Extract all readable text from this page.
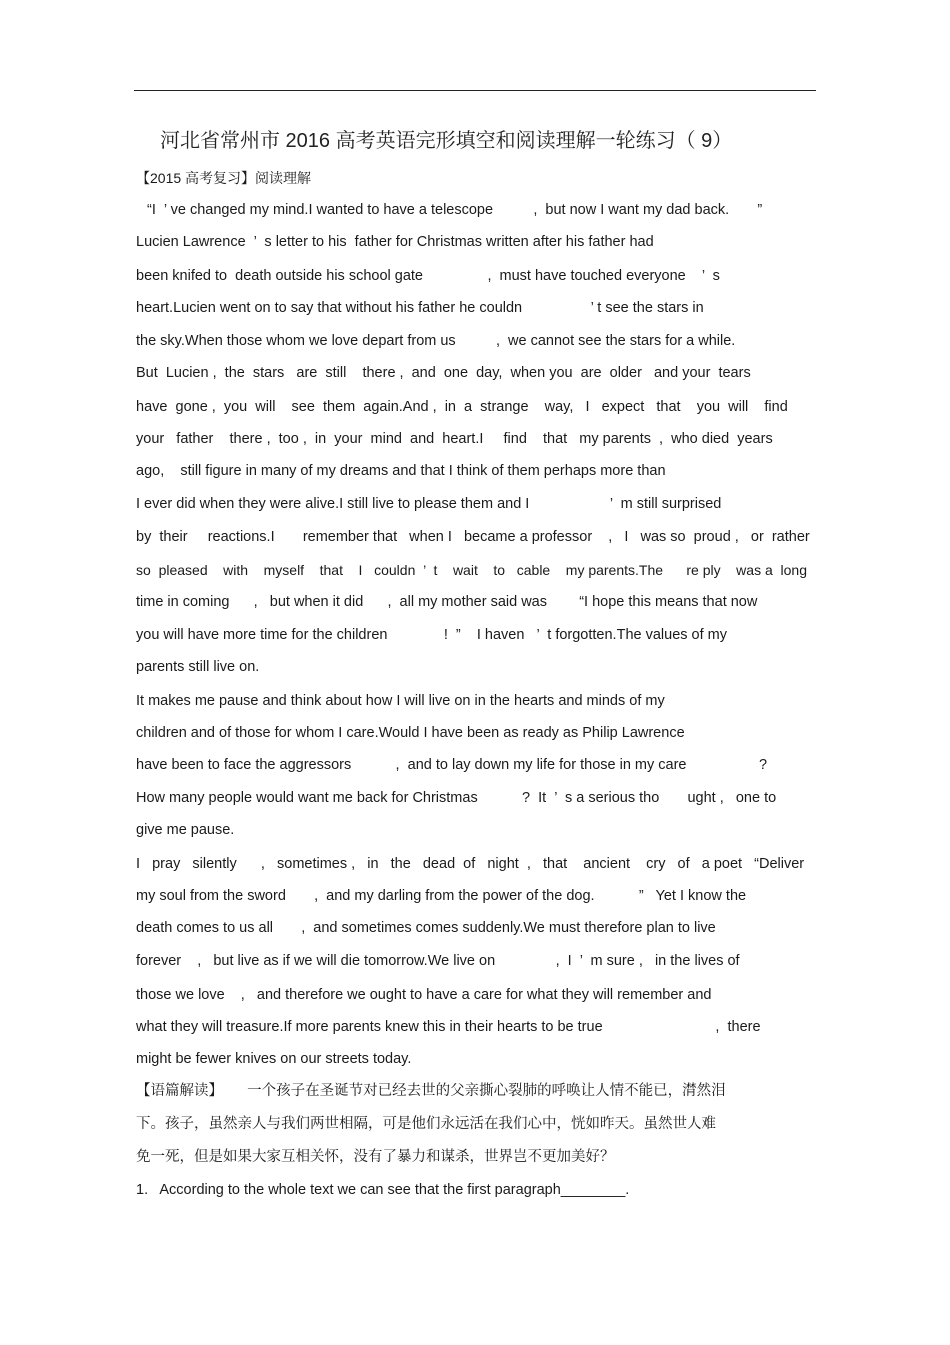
河北省常州市 2016 高考英语完形填空和阅读理解一轮练习（ 9）
【2015 高考复习】阅读理解
“I  ’ ve changed my mind.I wanted to have a telescope          ,  but now I want my dad back.       ”
Lucien Lawrence  ’  s letter to his  father for Christmas written after his father had
been knifed to  death outside his school gate                ,  must have touched everyone    ’  s
heart.Lucien went on to say that without his father he couldn                 ’ t see the stars in
the sky.When those whom we love depart from us          ,  we cannot see the stars for a while.
But  Lucien ,  the  stars   are  still    there ,  and  one  day,  when you  are  older   and your  tears
have  gone ,  you  will    see  them  again.And ,  in  a  strange    way,   I   expect   that    you  will    find
your   father    there ,  too ,  in  your  mind  and  heart.I     find    that   my parents  ,  who died  years
ago,    still figure in many of my dreams and that I think of them perhaps more than
I ever did when they were alive.I still live to please them and I                    ’  m still surprised
by  their     reactions.I       remember that   when I   became a professor    ,   I   was so  proud ,   or  rather
so  pleased    with    myself    that    I   couldn  ’  t    wait    to   cable    my parents.The      re ply    was a  long
time in coming      ,   but when it did      ,  all my mother said was        “I hope this means that now
you will have more time for the children              !  ”    I haven   ’  t forgotten.The values of my
parents still live on.
It makes me pause and think about how I will live on in the hearts and minds of my
children and of those for whom I care.Would I have been as ready as Philip Lawrence
have been to face the aggressors           ,  and to lay down my life for those in my care                  ?
How many people would want me back for Christmas           ?  It  ’  s a serious tho       ught ,   one to
give me pause.
I   pray   silently      ,   sometimes ,   in   the   dead  of   night  ,   that    ancient    cry   of   a poet   “Deliver
my soul from the sword       ,  and my darling from the power of the dog.           ”   Yet I know the
death comes to us all       ,  and sometimes comes suddenly.We must therefore plan to live
forever    ,   but live as if we will die tomorrow.We live on               ,  I  ’  m sure ,   in the lives of
those we love    ,   and therefore we ought to have a care for what they will remember and
what they will treasure.If more parents knew this in their hearts to be true                            ,  there
might be fewer knives on our streets today.
【语篇解读】      一个孩子在圣诞节对已经去世的父亲撕心裂肺的呼唤让人情不能已，潸然泪
下。孩子，虽然亲人与我们两世相隔，可是他们永远活在我们心中，恍如昨天。虽然世人难
免一死，但是如果大家互相关怀，没有了暴力和谋杀，世界岂不更加美好？
1.   According to the whole text we can see that the first paragraph________.
